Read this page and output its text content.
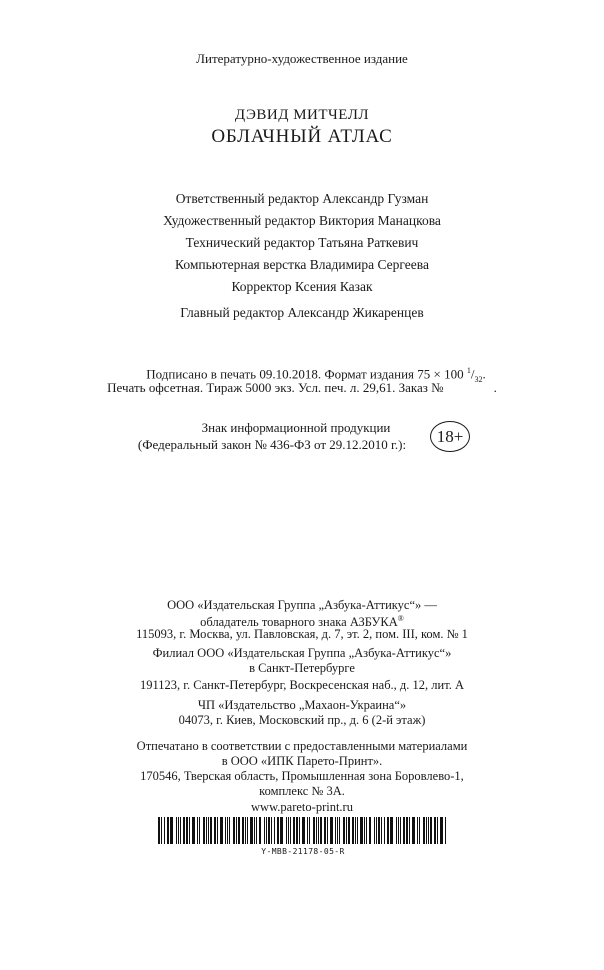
Литературно-художественное издание
ДЭВИД МИТЧЕЛЛ
ОБЛАЧНЫЙ АТЛАС
Ответственный редактор Александр Гузман
Художественный редактор Виктория Манацкова
Технический редактор Татьяна Раткевич
Компьютерная верстка Владимира Сергеева
Корректор Ксения Казак
Главный редактор Александр Жикаренцев
Подписано в печать 09.10.2018. Формат издания 75 × 100 $^1/_{32}$.
Печать офсетная. Тираж 5000 экз. Усл. печ. л. 29,61. Заказ №	.
Знак информационной продукции
(Федеральный закон № 436-ФЗ от 29.12.2010 г.):	18+
ООО «Издательская Группа „Азбука-Аттикус“» —
обладатель товарного знака АЗБУКА®
115093, г. Москва, ул. Павловская, д. 7, эт. 2, пом. III, ком. № 1
Филиал ООО «Издательская Группа „Азбука-Аттикус“»
в Санкт-Петербурге
191123, г. Санкт-Петербург, Воскресенская наб., д. 12, лит. А
ЧП «Издательство „Махаон-Украина“»
04073, г. Киев, Московский пр., д. 6 (2-й этаж)
Отпечатано в соответствии с предоставленными материалами
в ООО «ИПК Парето-Принт».
170546, Тверская область, Промышленная зона Боровлево-1,
комплекс № 3А.
www.pareto-print.ru
Y-MBB-21178-05-R
